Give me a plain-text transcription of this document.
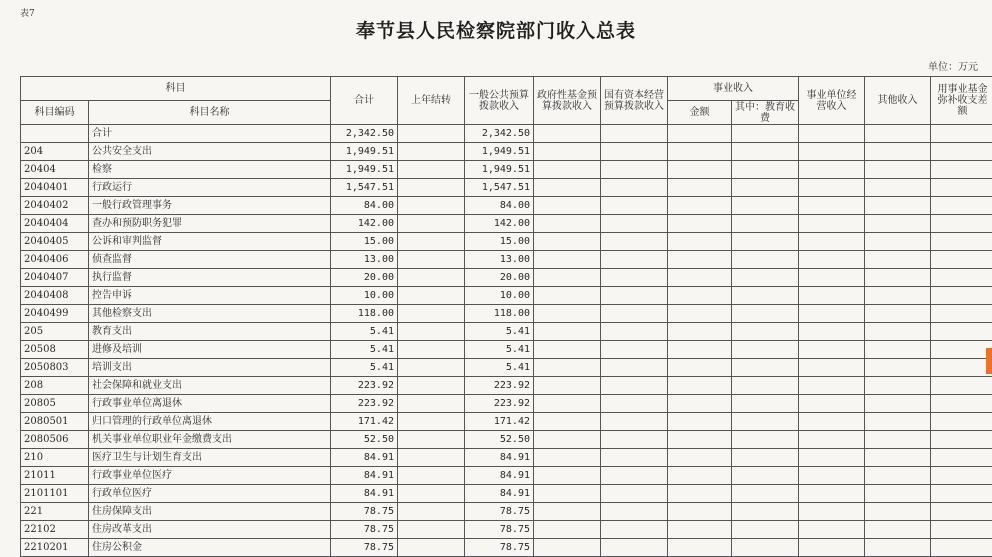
表7
奉节县人民检察院部门收入总表
单位：万元
科目		合计	上年结转	一般公共预算拨款收入	政府性基金预算拨款收入	国有资本经营预算拨款收入	事业收入		事业单位经营收入	其他收入	用事业基金弥补收支差额
科目编码	科目名称						金额	其中：教育收费			
	合计	2,342.50		2,342.50							
204	公共安全支出	1,949.51		1,949.51							
20404	检察	1,949.51		1,949.51							
2040401	行政运行	1,547.51		1,547.51							
2040402	一般行政管理事务	84.00		84.00							
2040404	查办和预防职务犯罪	142.00		142.00							
2040405	公诉和审判监督	15.00		15.00							
2040406	侦查监督	13.00		13.00							
2040407	执行监督	20.00		20.00							
2040408	控告申诉	10.00		10.00							
2040499	其他检察支出	118.00		118.00							
205	教育支出	5.41		5.41							
20508	进修及培训	5.41		5.41							
2050803	培训支出	5.41		5.41							
208	社会保障和就业支出	223.92		223.92							
20805	行政事业单位离退休	223.92		223.92							
2080501	归口管理的行政单位离退休	171.42		171.42							
2080506	机关事业单位职业年金缴费支出	52.50		52.50							
210	医疗卫生与计划生育支出	84.91		84.91							
21011	行政事业单位医疗	84.91		84.91							
2101101	行政单位医疗	84.91		84.91							
221	住房保障支出	78.75		78.75							
22102	住房改革支出	78.75		78.75							
2210201	住房公积金	78.75		78.75							
